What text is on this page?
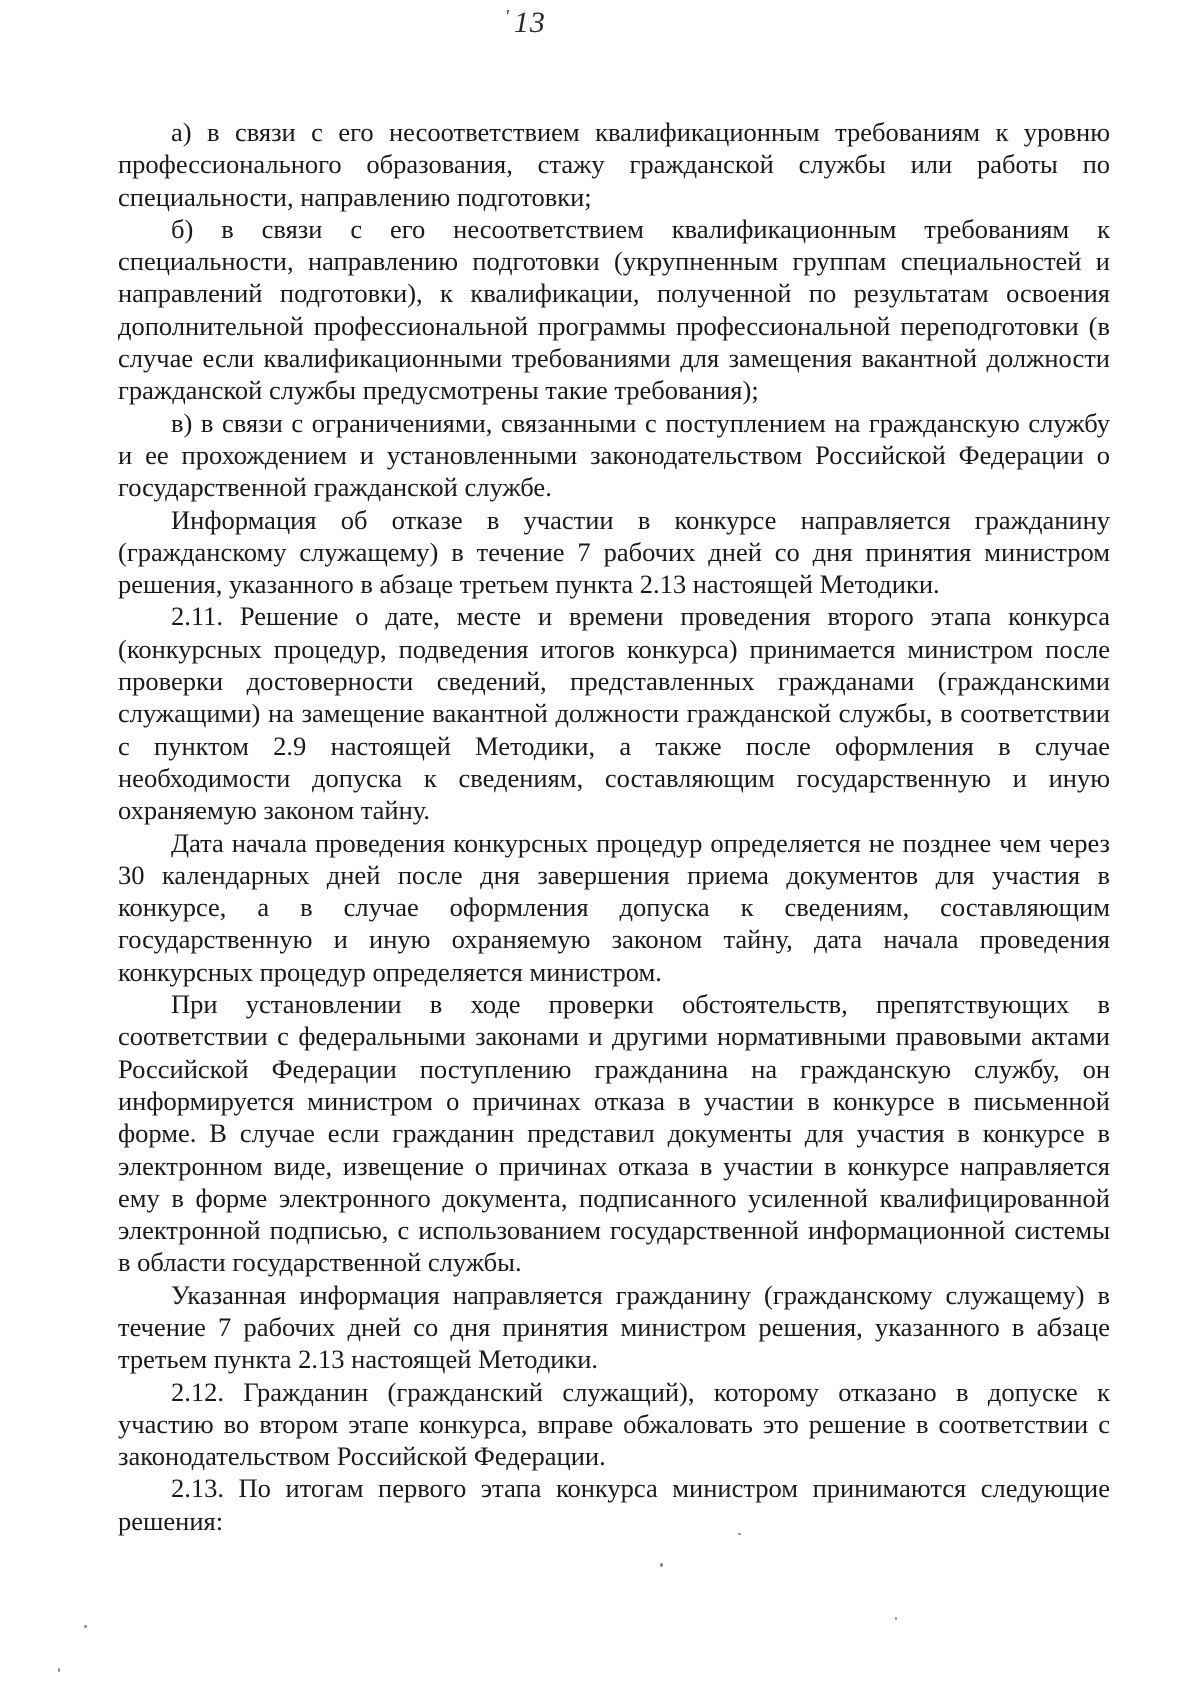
' 13

а) в связи с его несоответствием квалификационным требованиям к уровню профессионального образования, стажу гражданской службы или работы по специальности, направлению подготовки;

б) в связи с его несоответствием квалификационным требованиям к специальности, направлению подготовки (укрупненным группам специальностей и направлений подготовки), к квалификации, полученной по результатам освоения дополнительной профессиональной программы профессиональной переподготовки (в случае если квалификационными требованиями для замещения вакантной должности гражданской службы предусмотрены такие требования);

в) в связи с ограничениями, связанными с поступлением на гражданскую службу и ее прохождением и установленными законодательством Российской Федерации о государственной гражданской службе.

Информация об отказе в участии в конкурсе направляется гражданину (гражданскому служащему) в течение 7 рабочих дней со дня принятия министром решения, указанного в абзаце третьем пункта 2.13 настоящей Методики.

2.11. Решение о дате, месте и времени проведения второго этапа конкурса (конкурсных процедур, подведения итогов конкурса) принимается министром после проверки достоверности сведений, представленных гражданами (гражданскими служащими) на замещение вакантной должности гражданской службы, в соответствии с пунктом 2.9 настоящей Методики, а также после оформления в случае необходимости допуска к сведениям, составляющим государственную и иную охраняемую законом тайну.

Дата начала проведения конкурсных процедур определяется не позднее чем через 30 календарных дней после дня завершения приема документов для участия в конкурсе, а в случае оформления допуска к сведениям, составляющим государственную и иную охраняемую законом тайну, дата начала проведения конкурсных процедур определяется министром.

При установлении в ходе проверки обстоятельств, препятствующих в соответствии с федеральными законами и другими нормативными правовыми актами Российской Федерации поступлению гражданина на гражданскую службу, он информируется министром о причинах отказа в участии в конкурсе в письменной форме. В случае если гражданин представил документы для участия в конкурсе в электронном виде, извещение о причинах отказа в участии в конкурсе направляется ему в форме электронного документа, подписанного усиленной квалифицированной электронной подписью, с использованием государственной информационной системы в области государственной службы.

Указанная информация направляется гражданину (гражданскому служащему) в течение 7 рабочих дней со дня принятия министром решения, указанного в абзаце третьем пункта 2.13 настоящей Методики.

2.12. Гражданин (гражданский служащий), которому отказано в допуске к участию во втором этапе конкурса, вправе обжаловать это решение в соответствии с законодательством Российской Федерации.

2.13. По итогам первого этапа конкурса министром принимаются следующие решения:
